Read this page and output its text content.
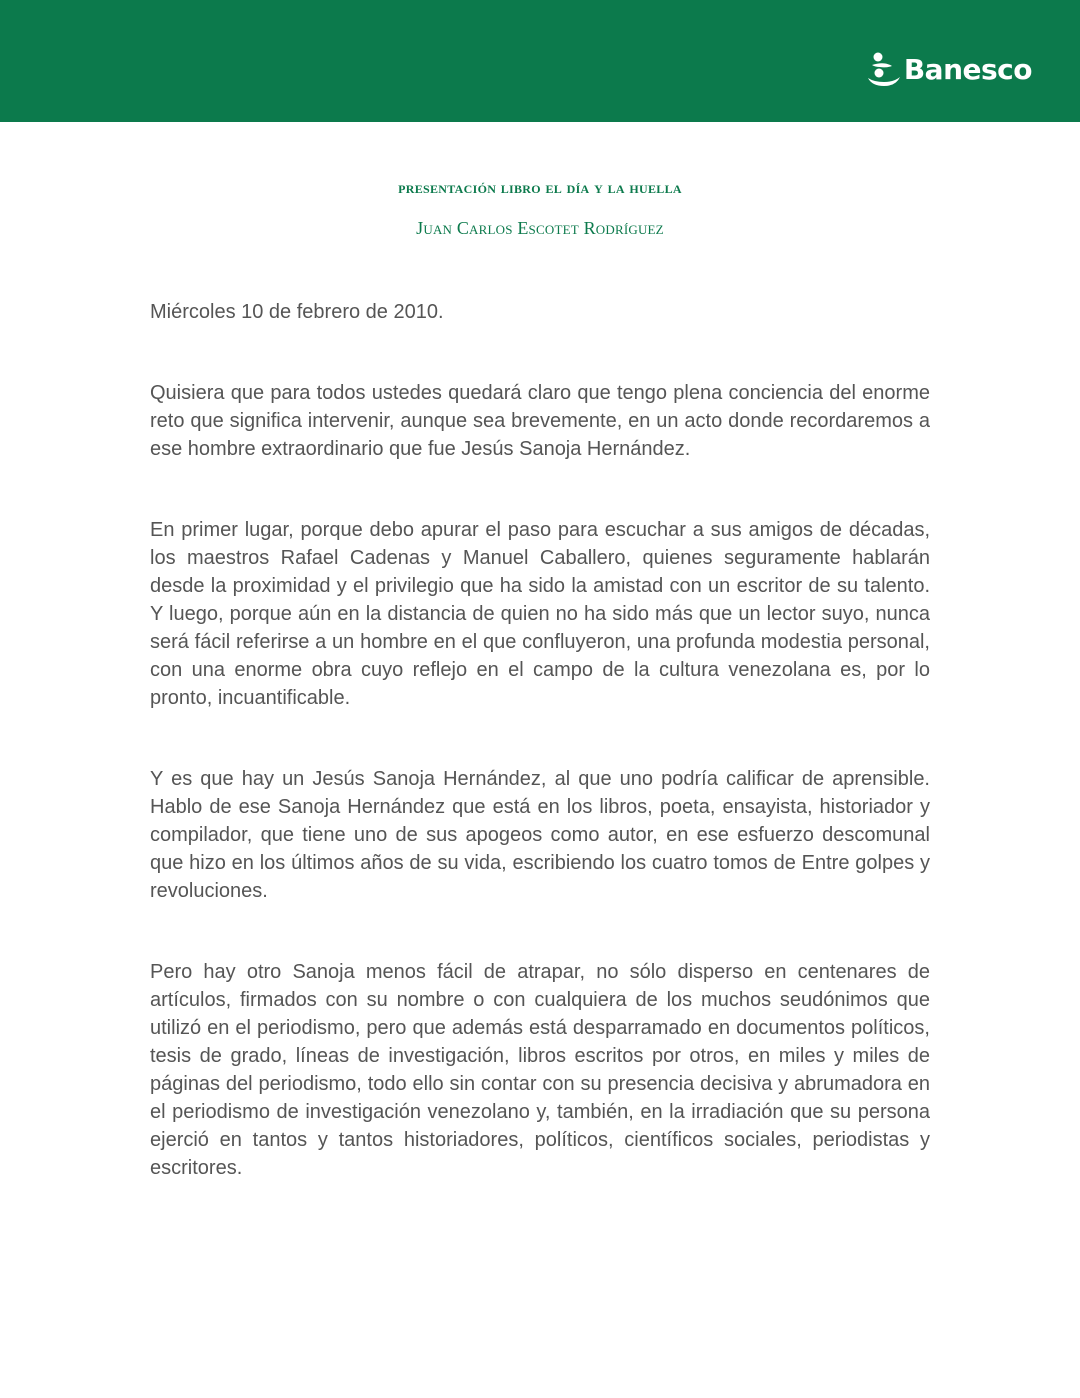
Banesco

presentación libro el día y la huella

Juan Carlos Escotet Rodríguez

Miércoles 10 de febrero de 2010.

Quisiera que para todos ustedes quedará claro que tengo plena conciencia del enorme reto que significa intervenir, aunque sea brevemente, en un acto donde recordaremos a ese hombre extraordinario que fue Jesús Sanoja Hernández.

En primer lugar, porque debo apurar el paso para escuchar a sus amigos de décadas, los maestros Rafael Cadenas y Manuel Caballero, quienes seguramente hablarán desde la proximidad y el privilegio que ha sido la amistad con un escritor de su talento. Y luego, porque aún en la distancia de quien no ha sido más que un lector suyo, nunca será fácil referirse a un hombre en el que confluyeron, una profunda modestia personal, con una enorme obra cuyo reflejo en el campo de la cultura venezolana es, por lo pronto, incuantificable.

Y es que hay un Jesús Sanoja Hernández, al que uno podría calificar de aprensible. Hablo de ese Sanoja Hernández que está en los libros, poeta, ensayista, historiador y compilador, que tiene uno de sus apogeos como autor, en ese esfuerzo descomunal que hizo en los últimos años de su vida, escribiendo los cuatro tomos de Entre golpes y revoluciones.

Pero hay otro Sanoja menos fácil de atrapar, no sólo disperso en centenares de artículos, firmados con su nombre o con cualquiera de los muchos seudónimos que utilizó en el periodismo, pero que además está desparramado en documentos políticos, tesis de grado, líneas de investigación, libros escritos por otros, en miles y miles de páginas del periodismo, todo ello sin contar con su presencia decisiva y abrumadora en el periodismo de investigación venezolano y, también, en la irradiación que su persona ejerció en tantos y tantos historiadores, políticos, científicos sociales, periodistas y escritores.
